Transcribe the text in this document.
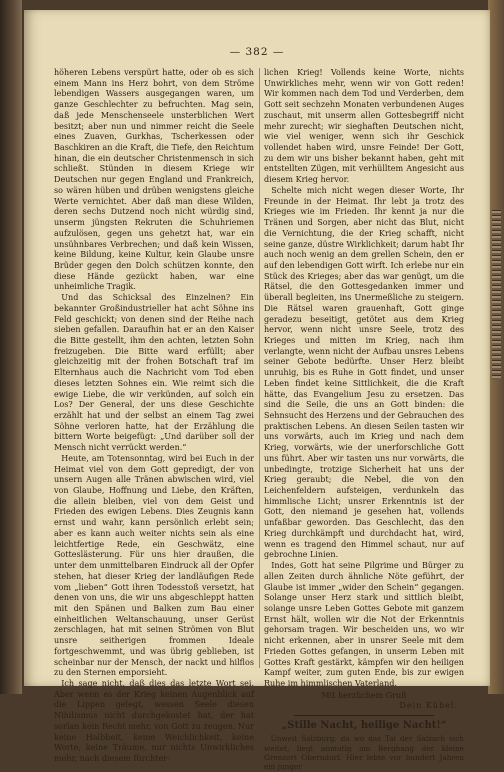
— 382 —

höheren Lebens verspürt hatte, oder ob es sich einem Mann ins Herz bohrt, von dem Ströme lebendigen Wassers ausgegangen waren, um ganze Geschlechter zu befruchten. Mag sein, daß jede Menschenseele unsterblichen Wert besitzt; aber nun und nimmer reicht die Seele eines Zuaven, Gurkhas, Tscherkessen oder Baschkiren an die Kraft, die Tiefe, den Reichtum hinan, die ein deutscher Christenmensch in sich schließt. Stünden in diesem Kriege wir Deutschen nur gegen England und Frankreich, so wären hüben und drüben wenigstens gleiche Werte vernichtet. Aber daß man diese Wilden, deren sechs Dutzend noch nicht würdig sind, unserm jüngsten Rekruten die Schuhriemen aufzulösen, gegen uns gehetzt hat, war ein unsühnbares Verbrechen; und daß kein Wissen, keine Bildung, keine Kultur, kein Glaube unsre Brüder gegen den Dolch schützen konnte, den diese Hände gezückt haben, war eine unheimliche Tragik.

Und das Schicksal des Einzelnen? Ein bekannter Großindustrieller hat acht Söhne ins Feld geschickt; von denen sind der Reihe nach sieben gefallen. Daraufhin hat er an den Kaiser die Bitte gestellt, ihm den achten, letzten Sohn freizugeben. Die Bitte ward erfüllt; aber gleichzeitig mit der frohen Botschaft traf im Elternhaus auch die Nachricht vom Tod eben dieses letzten Sohnes ein. Wie reimt sich die ewige Liebe, die wir verkünden, auf solch ein Los? Der General, der uns diese Geschichte erzählt hat und der selbst an einem Tag zwei Söhne verloren hatte, hat der Erzählung die bittern Worte beigefügt: „Und darüber soll der Mensch nicht verrückt werden.“

Heute, am Totensonntag, wird bei Euch in der Heimat viel von dem Gott gepredigt, der von unsern Augen alle Tränen abwischen wird, viel von Glaube, Hoffnung und Liebe, den Kräften, die allein bleiben, viel von dem Geist und Frieden des ewigen Lebens. Dies Zeugnis kann ernst und wahr, kann persönlich erlebt sein; aber es kann auch weiter nichts sein als eine leichtfertige Rede, ein Geschwätz, eine Gotteslästerung. Für uns hier draußen, die unter dem unmittelbaren Eindruck all der Opfer stehen, hat dieser Krieg der landläufigen Rede vom „lieben“ Gott ihren Todesstoß versetzt, hat denen von uns, die wir uns abgeschleppt hatten mit den Spänen und Balken zum Bau einer einheitlichen Weltanschauung, unser Gerüst zerschlagen, hat mit seinen Strömen von Blut unsre seitherigen frommen Ideale fortgeschwemmt, und was übrig geblieben, ist scheinbar nur der Mensch, der nackt und hilflos zu den Sternen emporsieht.

Ich sage nicht, daß dies das letzte Wort sei. Aber wenn es der Krieg keinen Augenblick auf die Lippen gelegt, wessen Seele diesen Nihilismus nicht durchgekostet hat, der hat sorlan kein Recht mehr, von Gott zu zeugen. Nur keine Halbheit, keine Weichlichkeit, keine Worte, keine Träume, nur nichts Unwirkliches mehr, nach diesem fürchter-

lichen Krieg! Vollends keine Worte, nichts Unwirkliches mehr, wenn wir von Gott reden! Wir kommen nach dem Tod und Verderben, dem Gott seit sechzehn Monaten verbundenen Auges zuschaut, mit unserm allen Gottesbegriff nicht mehr zurecht; wir sieghaften Deutschen nicht, wie viel weniger, wenn sich ihr Geschick vollendet haben wird, unsre Feinde! Der Gott, zu dem wir uns bisher bekannt haben, geht mit entstellten Zügen, mit verhülltem Angesicht aus diesem Krieg hervor.

Schelte mich nicht wegen dieser Worte, Ihr Freunde in der Heimat. Ihr lebt ja trotz des Krieges wie im Frieden. Ihr kennt ja nur die Tränen und Sorgen, aber nicht das Blut, nicht die Vernichtung, die der Krieg schafft, nicht seine ganze, düstre Wirklichkeit; darum habt Ihr auch noch wenig an dem grellen Schein, den er auf den lebendigen Gott wirft. Ich erlebe nur ein Stück des Krieges; aber das war genügt, um die Rätsel, die den Gottesgedanken immer und überall begleiten, ins Unermeßliche zu steigern. Die Rätsel waren grauenhaft, Gott ginge geradezu beseitigt, getötet aus dem Krieg hervor, wenn nicht unsre Seele, trotz des Krieges und mitten im Krieg, nach ihm verlangte, wenn nicht der Aufbau unsres Lebens seiner Gebote bedürfte. Unser Herz bleibt unruhig, bis es Ruhe in Gott findet, und unser Leben findet keine Sittlichkeit, die die Kraft hätte, das Evangelium Jesu zu ersetzen. Das sind die Seile, die uns an Gott binden: die Sehnsucht des Herzens und der Gebrauchen des praktischen Lebens. An diesen Seilen tasten wir uns vorwärts, auch im Krieg und nach dem Krieg, vorwärts, wie der unerforschliche Gott uns führt. Aber wir tasten uns nur vorwärts, die unbedingte, trotzige Sicherheit hat uns der Krieg geraubt; die Nebel, die von den Leichenfeldern aufsteigen, verdunkeln das himmlische Licht; unsrer Erkenntnis ist der Gott, den niemand je gesehen hat, vollends unfaßbar geworden. Das Geschlecht, das den Krieg durchkämpft und durchdacht hat, wird, wenn es tragend den Himmel schaut, nur auf gebrochne Linien.

Indes, Gott hat seine Pilgrime und Bürger zu allen Zeiten durch ähnliche Nöte geführt, der Glaube ist immer „wider den Schein“ gegangen. Solange unser Herz stark und sittlich bleibt, solange unsre Leben Gottes Gebote mit ganzem Ernst hält, wollen wir die Not der Erkenntnis gehorsam tragen. Wir bescheiden uns, wo wir nicht erkennen, aber in unsrer Seele mit dem Frieden Gottes gefangen, in unserm Leben mit Gottes Kraft gestärkt, kämpfen wir den heiligen Kampf weiter, zum guten Ende, bis zur ewigen Ruhe im himmlischen Vaterland.

Mit herzlichem Gruß

Dein Kübel.

„Stille Nacht, heilige Nacht!“

Unweit Salzburg, da wo das Tal der Salzach sich weitet, liegt anmutig am Berghang der kleine Grenzort Oberndorf. Hier lebte vor hundert Jahren ein junger
